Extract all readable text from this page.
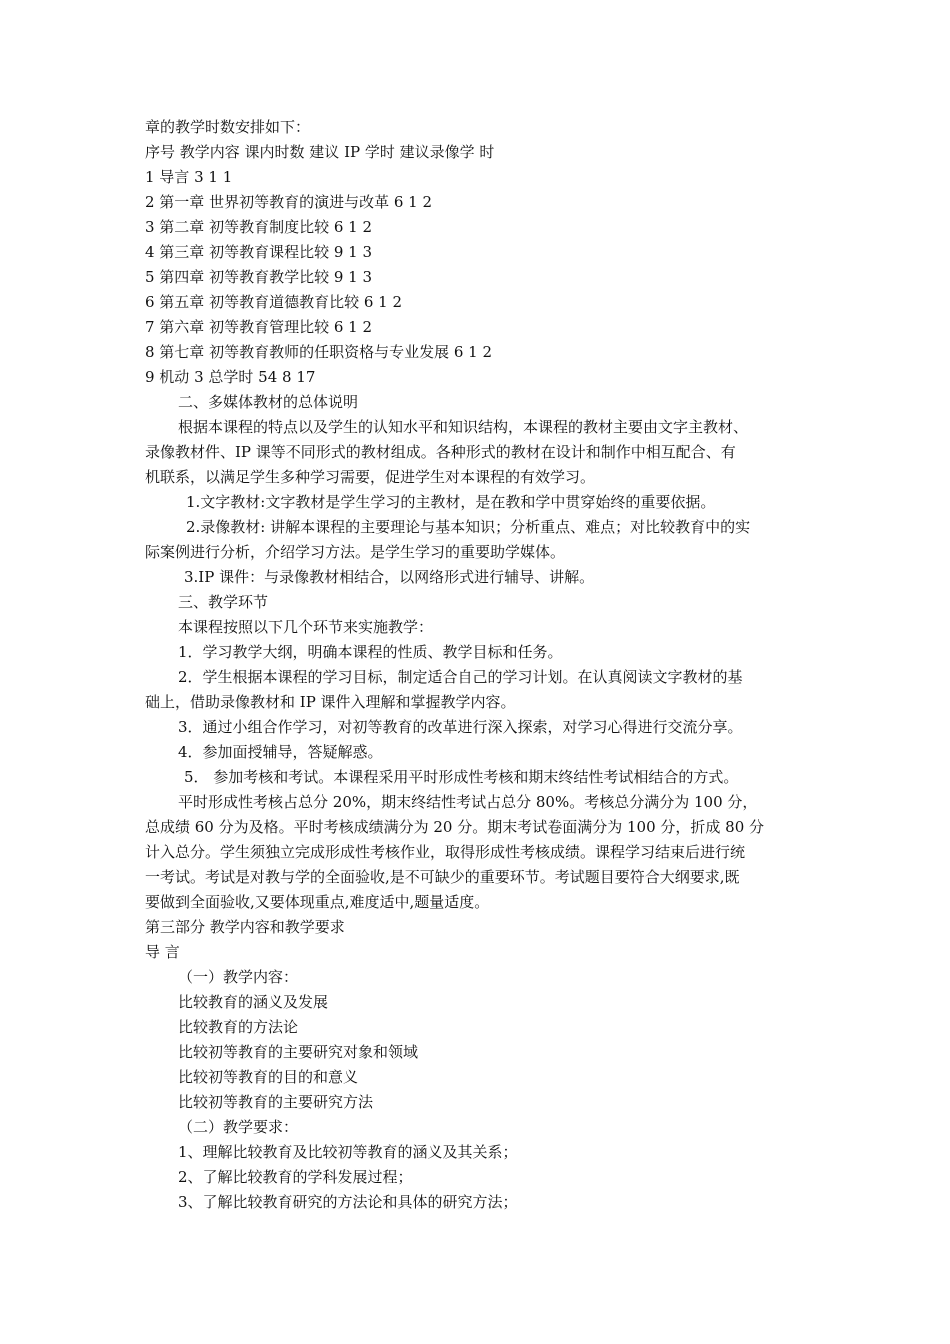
章的教学时数安排如下：
序号 教学内容 课内时数 建议 IP 学时 建议录像学 时
1 导言 3 1 1
2 第一章 世界初等教育的演进与改革 6 1 2
3 第二章 初等教育制度比较 6 1 2
4 第三章 初等教育课程比较 9 1 3
5 第四章 初等教育教学比较 9 1 3
6 第五章 初等教育道德教育比较 6 1 2
7 第六章 初等教育管理比较 6 1 2
8 第七章 初等教育教师的任职资格与专业发展 6 1 2
9 机动 3 总学时 54 8 17
二、多媒体教材的总体说明
根据本课程的特点以及学生的认知水平和知识结构，本课程的教材主要由文字主教材、
录像教材件、IP 课等不同形式的教材组成。各种形式的教材在设计和制作中相互配合、有
机联系，以满足学生多种学习需要，促进学生对本课程的有效学习。
1.文字教材:文字教材是学生学习的主教材，是在教和学中贯穿始终的重要依据。
2.录像教材: 讲解本课程的主要理论与基本知识；分析重点、难点；对比较教育中的实
际案例进行分析，介绍学习方法。是学生学习的重要助学媒体。
3.IP 课件：与录像教材相结合，以网络形式进行辅导、讲解。
三、教学环节
本课程按照以下几个环节来实施教学：
1．学习教学大纲，明确本课程的性质、教学目标和任务。
2．学生根据本课程的学习目标，制定适合自己的学习计划。在认真阅读文字教材的基
础上，借助录像教材和 IP 课件入理解和掌握教学内容。
3．通过小组合作学习，对初等教育的改革进行深入探索，对学习心得进行交流分享。
4．参加面授辅导，答疑解惑。
5． 参加考核和考试。本课程采用平时形成性考核和期末终结性考试相结合的方式。
平时形成性考核占总分 20%，期末终结性考试占总分 80%。考核总分满分为 100 分，
总成绩 60 分为及格。平时考核成绩满分为 20 分。期末考试卷面满分为 100 分，折成 80 分
计入总分。学生须独立完成形成性考核作业，取得形成性考核成绩。课程学习结束后进行统
一考试。考试是对教与学的全面验收,是不可缺少的重要环节。考试题目要符合大纲要求,既
要做到全面验收,又要体现重点,难度适中,题量适度。
第三部分 教学内容和教学要求
导 言
（一）教学内容：
比较教育的涵义及发展
比较教育的方法论
比较初等教育的主要研究对象和领域
比较初等教育的目的和意义
比较初等教育的主要研究方法
（二）教学要求：
1、理解比较教育及比较初等教育的涵义及其关系；
2、了解比较教育的学科发展过程；
3、了解比较教育研究的方法论和具体的研究方法；
